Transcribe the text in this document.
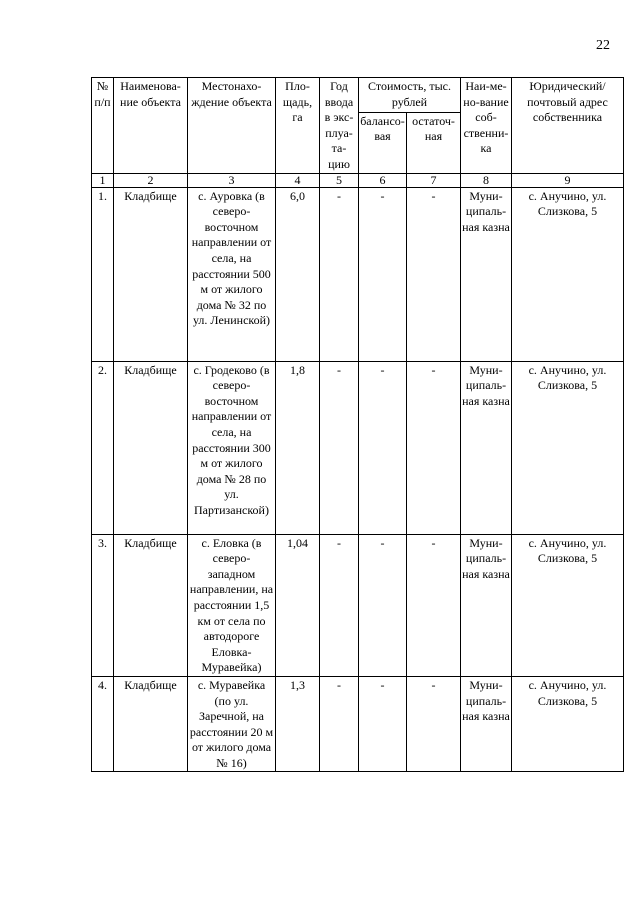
22
№ п/п	Наименова-ние объекта	Местонахо-ждение объекта	Пло-щадь, га	Год ввода в экс-плуа-та-цию	Стоимость, тыс. рублей		Наи-ме-но-вание соб-ственни-ка	Юридический/ почтовый адрес собственника
					балансо-вая	остаточ-ная		
1	2	3	4	5	6	7	8	9
1.	Кладбище	с. Ауровка (в северо-восточном направлении от села, на расстоянии 500 м от жилого дома № 32 по ул. Ленинской)	6,0	-	-	-	Муни-ципаль-ная казна	с. Анучино, ул. Слизкова, 5
2.	Кладбище	с. Гродеково (в северо-восточном направлении от села, на расстоянии 300 м от жилого дома № 28 по ул. Партизанской)	1,8	-	-	-	Муни-ципаль-ная казна	с. Анучино, ул. Слизкова, 5
3.	Кладбище	с. Еловка (в северо-западном направлении, на расстоянии 1,5 км от села по автодороге Еловка-Муравейка)	1,04	-	-	-	Муни-ципаль-ная казна	с. Анучино, ул. Слизкова, 5
4.	Кладбище	с. Муравейка (по ул. Заречной, на расстоянии 20 м от жилого дома № 16)	1,3	-	-	-	Муни-ципаль-ная казна	с. Анучино, ул. Слизкова, 5
